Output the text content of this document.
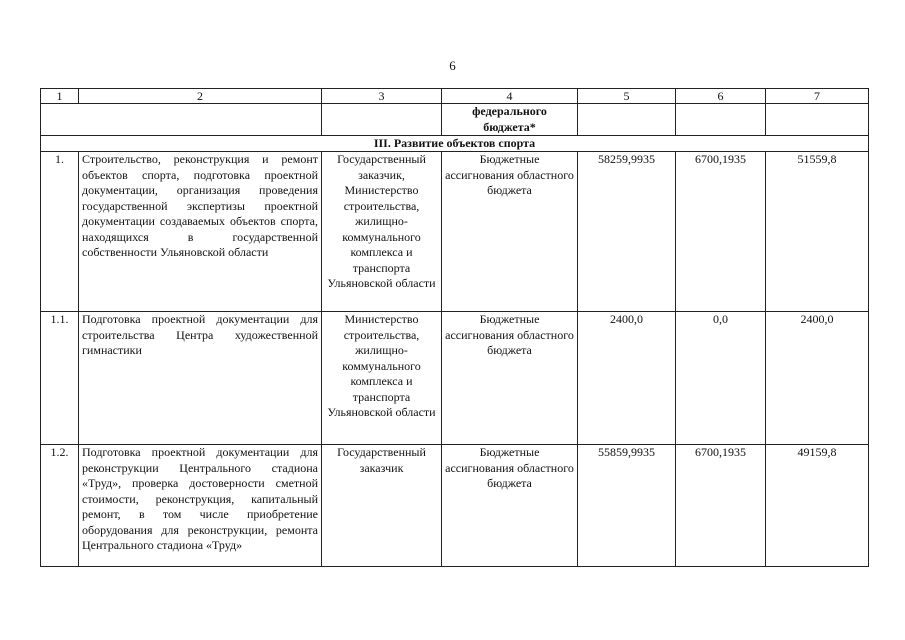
6
1	2	3	4	5	6	7
			федерального бюджета*			
III. Развитие объектов спорта						
1.	Строительство, реконструкция и ремонт объектов спорта, подготовка проектной документации, организация проведения государственной экспертизы проектной документации создаваемых объектов спорта, находящихся в государственной собственности Ульяновской области	Государственный заказчик, Министерство строительства, жилищно-коммунального комплекса и транспорта Ульяновской области	Бюджетные ассигнования областного бюджета	58259,9935	6700,1935	51559,8
1.1.	Подготовка проектной документации для строительства Центра художественной гимнастики	Министерство строительства, жилищно-коммунального комплекса и транспорта Ульяновской области	Бюджетные ассигнования областного бюджета	2400,0	0,0	2400,0
1.2.	Подготовка проектной документации для реконструкции Центрального стадиона «Труд», проверка достоверности сметной стоимости, реконструкция, капитальный ремонт, в том числе приобретение оборудования для реконструкции, ремонта Центрального стадиона «Труд»	Государственный заказчик	Бюджетные ассигнования областного бюджета	55859,9935	6700,1935	49159,8
